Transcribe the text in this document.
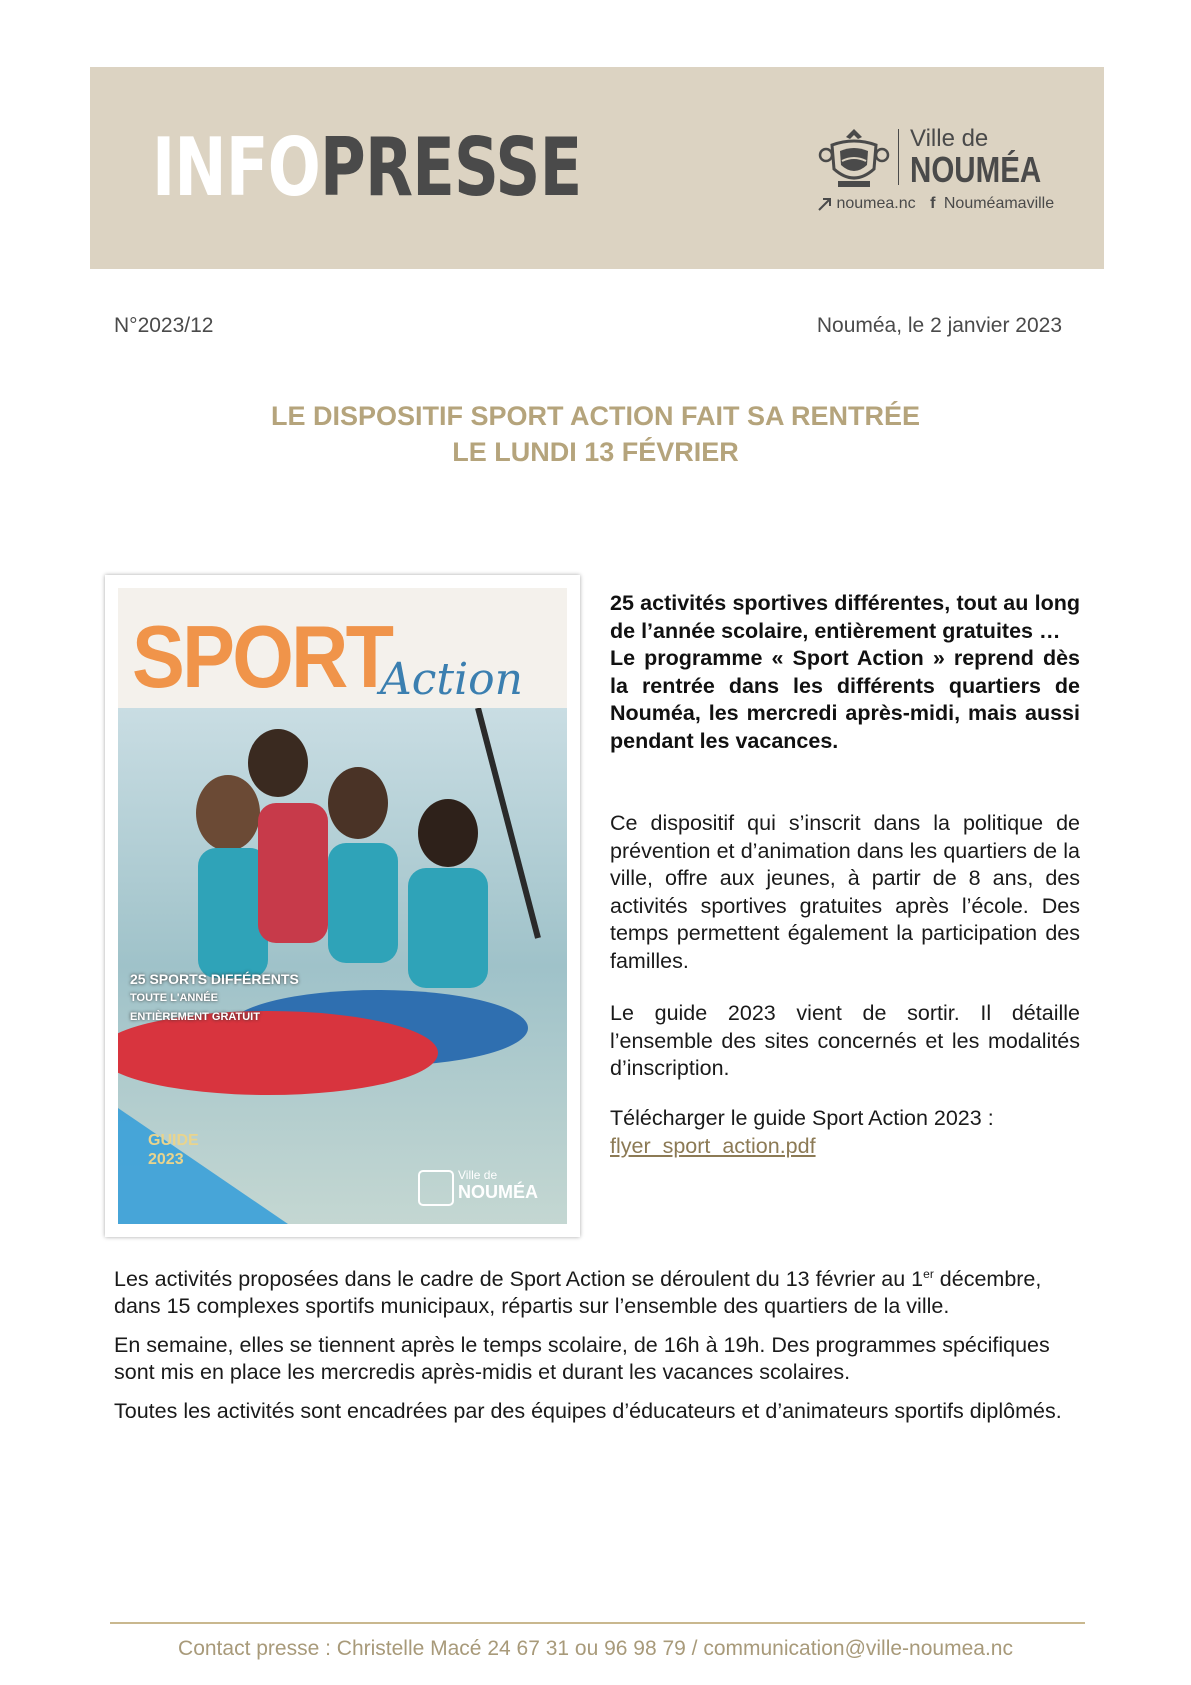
INFOPRESSE	Ville de
NOUMÉA
noumea.nc f Nouméamaville
N°2023/12	Nouméa, le 2 janvier 2023
LE DISPOSITIF SPORT ACTION FAIT SA RENTRÉE
LE LUNDI 13 FÉVRIER
SPORT
Action
25 SPORTS DIFFÉRENTS
TOUTE L'ANNÉE
ENTIÈREMENT GRATUIT
GUIDE
2023
Ville de
NOUMÉA

25 activités sportives différentes, tout au long de l’année scolaire, entièrement gratuites …
Le programme « Sport Action » reprend dès la rentrée dans les différents quartiers de Nouméa, les mercredi après-midi, mais aussi pendant les vacances.

Ce dispositif qui s’inscrit dans la politique de prévention et d’animation dans les quartiers de la ville, offre aux jeunes, à partir de 8 ans, des activités sportives gratuites après l’école. Des temps permettent également la participation des familles.

Le guide 2023 vient de sortir. Il détaille l’ensemble des sites concernés et les modalités d’inscription.

Télécharger le guide Sport Action 2023 :
flyer_sport_action.pdf

Les activités proposées dans le cadre de Sport Action se déroulent du 13 février au 1er décembre, dans 15 complexes sportifs municipaux, répartis sur l’ensemble des quartiers de la ville.

En semaine, elles se tiennent après le temps scolaire, de 16h à 19h. Des programmes spécifiques sont mis en place les mercredis après-midis et durant les vacances scolaires.

Toutes les activités sont encadrées par des équipes d’éducateurs et d’animateurs sportifs diplômés.

Contact presse : Christelle Macé 24 67 31 ou 96 98 79 / communication@ville-noumea.nc
